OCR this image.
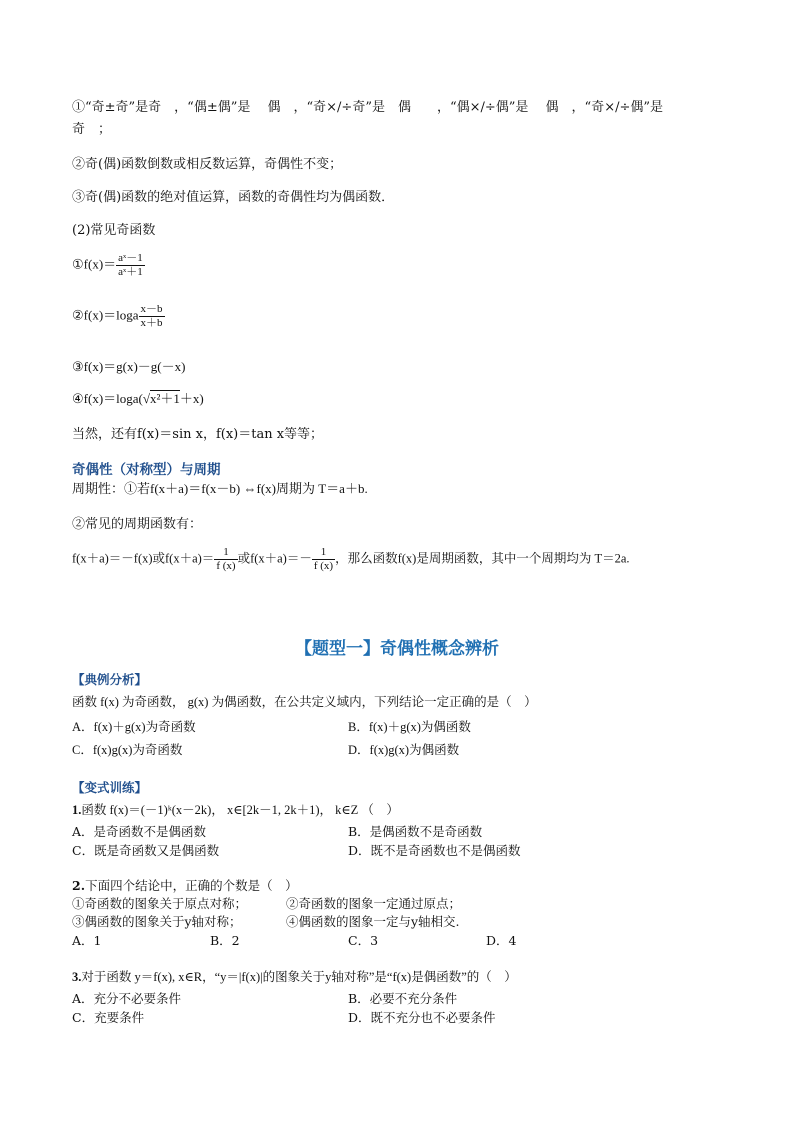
①“奇±奇”是奇　，“偶±偶”是　 偶　，“奇×/÷奇”是　偶　　，“偶×/÷偶”是　 偶　，“奇×/÷偶”是
奇　；
②奇(偶)函数倒数或相反数运算，奇偶性不变；
③奇(偶)函数的绝对值运算，函数的奇偶性均为偶函数．
(2)常见奇函数
①f(x)＝ $\frac{\text{aˣ－1}}{\text{aˣ＋1}}$
②f(x)＝loga $\frac{x-b}{x+b}$
③f(x)＝g(x)－g(－x)
④f(x)＝loga(√x²＋1＋x)
当然，还有f(x)＝sin x，f(x)＝tan x等等；
奇偶性（对称型）与周期
周期性：①若f(x＋a)＝f(x－b) ⇔f(x)周期为 T＝a＋b.
②常见的周期函数有：
f(x＋a)＝－f(x)或$f(x+a)= \frac{1}{f (x)}$ 或$f(x+a)=- \frac{1}{f (x)}$ ，那么函数f(x)是周期函数，其中一个周期均为 T＝2a.
【题型一】奇偶性概念辨析
【典例分析】
函数 f(x) 为奇函数， g(x) 为偶函数，在公共定义域内，下列结论一定正确的是（　）
A．f(x)＋g(x)为奇函数	B．f(x)＋g(x)为偶函数
C．f(x)g(x)为奇函数	D．f(x)g(x)为偶函数
【变式训练】
1.函数 f(x)＝(－1)ᵏ(x－2k)， x∈[2k－1, 2k＋1)， k∈Z （　）
A．是奇函数不是偶函数	B．是偶函数不是奇函数
C．既是奇函数又是偶函数	D．既不是奇函数也不是偶函数
2.下面四个结论中，正确的个数是（　）
①奇函数的图象关于原点对称；	②奇函数的图象一定通过原点；
③偶函数的图象关于y轴对称；	④偶函数的图象一定与y轴相交.
A．1	B．2	C．3	D．4
3.对于函数 y＝f(x), x∈R，“y＝|f(x)|的图象关于y轴对称”是“f(x)是偶函数”的（　）
A．充分不必要条件	B．必要不充分条件
C．充要条件	D．既不充分也不必要条件
